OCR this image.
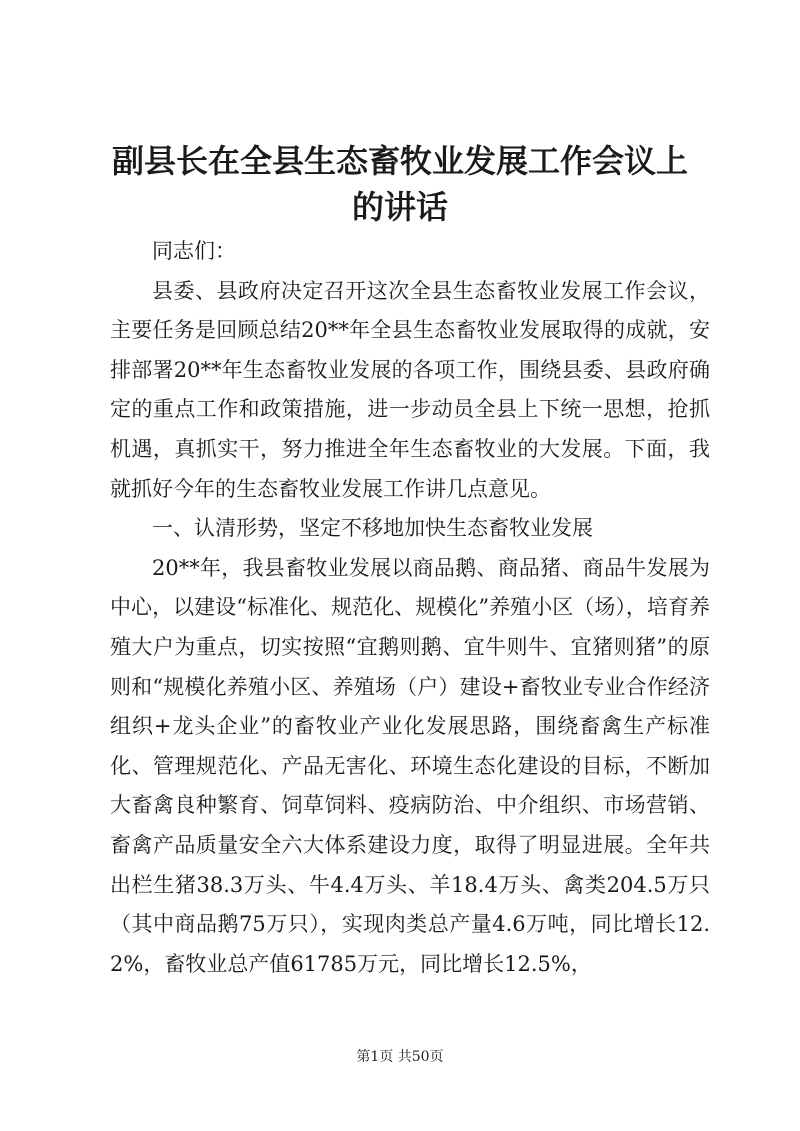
副县长在全县生态畜牧业发展工作会议上的讲话

同志们：

县委、县政府决定召开这次全县生态畜牧业发展工作会议，主要任务是回顾总结20**年全县生态畜牧业发展取得的成就，安排部署20**年生态畜牧业发展的各项工作，围绕县委、县政府确定的重点工作和政策措施，进一步动员全县上下统一思想，抢抓机遇，真抓实干，努力推进全年生态畜牧业的大发展。下面，我就抓好今年的生态畜牧业发展工作讲几点意见。

一、认清形势，坚定不移地加快生态畜牧业发展

20**年，我县畜牧业发展以商品鹅、商品猪、商品牛发展为中心，以建设“标准化、规范化、规模化”养殖小区（场），培育养殖大户为重点，切实按照“宜鹅则鹅、宜牛则牛、宜猪则猪”的原则和“规模化养殖小区、养殖场（户）建设+畜牧业专业合作经济组织+龙头企业”的畜牧业产业化发展思路，围绕畜禽生产标准化、管理规范化、产品无害化、环境生态化建设的目标，不断加大畜禽良种繁育、饲草饲料、疫病防治、中介组织、市场营销、畜禽产品质量安全六大体系建设力度，取得了明显进展。全年共出栏生猪38.3万头、牛4.4万头、羊18.4万头、禽类204.5万只（其中商品鹅75万只），实现肉类总产量4.6万吨，同比增长12.2%，畜牧业总产值61785万元，同比增长12.5%，

第1页 共50页
